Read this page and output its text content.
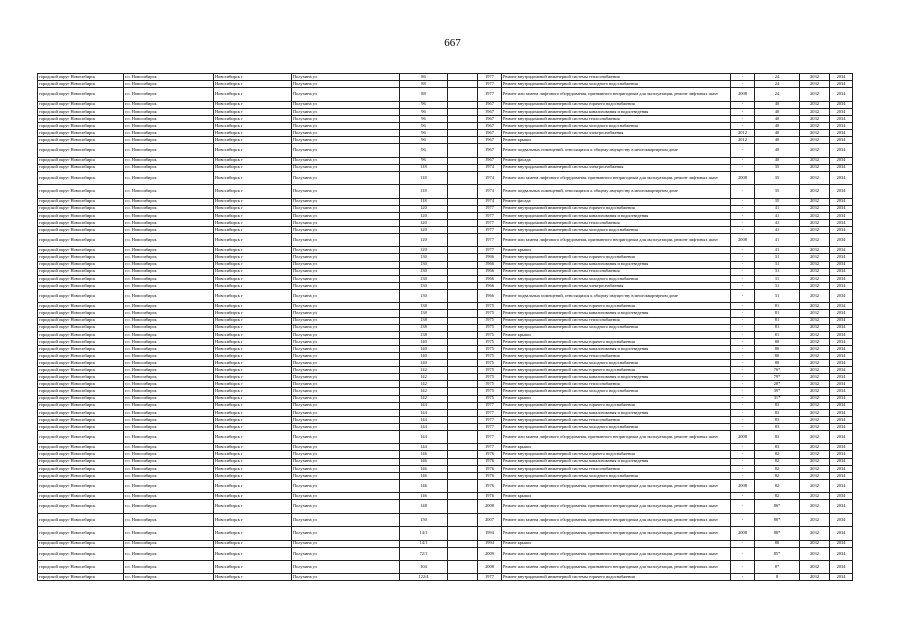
667
городской округ Новосибирск	г.о. Новосибирск	Новосибирск г	Полухина ул	86		1977	Ремонт внутридомовой инженерной системы теплоснабжения	-	24	2032	2034
городской округ Новосибирск	г.о. Новосибирск	Новосибирск г	Полухина ул	88		1977	Ремонт внутридомовой инженерной системы холодного водоснабжения	-	24	2032	2034
городской округ Новосибирск	г.о. Новосибирск	Новосибирск г	Полухина ул	88		1977	Ремонт или замена лифтового оборудования, признанного непригодным для эксплуатации, ремонт лифтовых шахт	2008	24	2032	2034
городской округ Новосибирск	г.о. Новосибирск	Новосибирск г	Полухина ул	96		1967	Ремонт внутридомовой инженерной системы горячего водоснабжения	-	40	2032	2034
городской округ Новосибирск	г.о. Новосибирск	Новосибирск г	Полухина ул	96		1967	Ремонт внутридомовой инженерной системы канализования и водоотведения	-	40	2032	2034
городской округ Новосибирск	г.о. Новосибирск	Новосибирск г	Полухина ул	96		1967	Ремонт внутридомовой инженерной системы теплоснабжения	-	40	2032	2034
городской округ Новосибирск	г.о. Новосибирск	Новосибирск г	Полухина ул	96		1967	Ремонт внутридомовой инженерной системы холодного водоснабжения	-	40	2032	2034
городской округ Новосибирск	г.о. Новосибирск	Новосибирск г	Полухина ул	96		1967	Ремонт внутридомовой инженерной системы электроснабжения	2012	40	2032	2034
городской округ Новосибирск	г.о. Новосибирск	Новосибирск г	Полухина ул	96		1967	Ремонт крыши	2012	40	2032	2034
городской округ Новосибирск	г.о. Новосибирск	Новосибирск г	Полухина ул	96		1967	Ремонт подвальных помещений, относящихся к общему имуществу в многоквартирном доме	-	40	2032	2034
городской округ Новосибирск	г.о. Новосибирск	Новосибирск г	Полухина ул	96		1967	Ремонт фасада	-	40	2032	2034
городской округ Новосибирск	г.о. Новосибирск	Новосибирск г	Полухина ул	118		1974	Ремонт внутридомовой инженерной системы электроснабжения	-	35	2032	2034
городской округ Новосибирск	г.о. Новосибирск	Новосибирск г	Полухина ул	118		1974	Ремонт или замена лифтового оборудования, признанного непригодным для эксплуатации, ремонт лифтовых шахт	2008	35	2032	2034
городской округ Новосибирск	г.о. Новосибирск	Новосибирск г	Полухина ул	118		1974	Ремонт подвальных помещений, относящихся к общему имуществу в многоквартирном доме	-	35	2032	2034
городской округ Новосибирск	г.о. Новосибирск	Новосибирск г	Полухина ул	118		1974	Ремонт фасада	-	35	2032	2034
городской округ Новосибирск	г.о. Новосибирск	Новосибирск г	Полухина ул	120		1977	Ремонт внутридомовой инженерной системы горячего водоснабжения	-	41	2032	2034
городской округ Новосибирск	г.о. Новосибирск	Новосибирск г	Полухина ул	120		1977	Ремонт внутридомовой инженерной системы канализования и водоотведения	-	41	2032	2034
городской округ Новосибирск	г.о. Новосибирск	Новосибирск г	Полухина ул	120		1977	Ремонт внутридомовой инженерной системы теплоснабжения	-	41	2032	2034
городской округ Новосибирск	г.о. Новосибирск	Новосибирск г	Полухина ул	120		1977	Ремонт внутридомовой инженерной системы холодного водоснабжения	-	41	2032	2034
городской округ Новосибирск	г.о. Новосибирск	Новосибирск г	Полухина ул	120		1977	Ремонт или замена лифтового оборудования, признанного непригодным для эксплуатации, ремонт лифтовых шахт	2008	41	2032	2034
городской округ Новосибирск	г.о. Новосибирск	Новосибирск г	Полухина ул	120		1977	Ремонт крыши	-	41	2032	2034
городской округ Новосибирск	г.о. Новосибирск	Новосибирск г	Полухина ул	130		1966	Ремонт внутридомовой инженерной системы горячего водоснабжения	-	31	2032	2034
городской округ Новосибирск	г.о. Новосибирск	Новосибирск г	Полухина ул	130		1966	Ремонт внутридомовой инженерной системы канализования и водоотведения	-	31	2032	2034
городской округ Новосибирск	г.о. Новосибирск	Новосибирск г	Полухина ул	130		1966	Ремонт внутридомовой инженерной системы теплоснабжения	-	31	2032	2034
городской округ Новосибирск	г.о. Новосибирск	Новосибирск г	Полухина ул	130		1966	Ремонт внутридомовой инженерной системы холодного водоснабжения	-	31	2032	2034
городской округ Новосибирск	г.о. Новосибирск	Новосибирск г	Полухина ул	130		1966	Ремонт внутридомовой инженерной системы электроснабжения	-	31	2032	2034
городской округ Новосибирск	г.о. Новосибирск	Новосибирск г	Полухина ул	130		1966	Ремонт подвальных помещений, относящихся к общему имуществу в многоквартирном доме	-	31	2032	2034
городской округ Новосибирск	г.о. Новосибирск	Новосибирск г	Полухина ул	138		1975	Ремонт внутридомовой инженерной системы горячего водоснабжения	-	81	2032	2034
городской округ Новосибирск	г.о. Новосибирск	Новосибирск г	Полухина ул	138		1975	Ремонт внутридомовой инженерной системы канализования и водоотведения	-	81	2032	2034
городской округ Новосибирск	г.о. Новосибирск	Новосибирск г	Полухина ул	138		1975	Ремонт внутридомовой инженерной системы теплоснабжения	-	81	2032	2034
городской округ Новосибирск	г.о. Новосибирск	Новосибирск г	Полухина ул	138		1975	Ремонт внутридомовой инженерной системы холодного водоснабжения	-	81	2032	2034
городской округ Новосибирск	г.о. Новосибирск	Новосибирск г	Полухина ул	138		1975	Ремонт крыши	-	81	2032	2034
городской округ Новосибирск	г.о. Новосибирск	Новосибирск г	Полухина ул	140		1975	Ремонт внутридомовой инженерной системы горячего водоснабжения	-	80	2032	2034
городской округ Новосибирск	г.о. Новосибирск	Новосибирск г	Полухина ул	140		1975	Ремонт внутридомовой инженерной системы канализования и водоотведения	-	80	2032	2034
городской округ Новосибирск	г.о. Новосибирск	Новосибирск г	Полухина ул	140		1975	Ремонт внутридомовой инженерной системы теплоснабжения	-	80	2032	2034
городской округ Новосибирск	г.о. Новосибирск	Новосибирск г	Полухина ул	140		1975	Ремонт внутридомовой инженерной системы холодного водоснабжения	-	80	2032	2034
городской округ Новосибирск	г.о. Новосибирск	Новосибирск г	Полухина ул	142		1975	Ремонт внутридомовой инженерной системы горячего водоснабжения	-	76*	2032	2034
городской округ Новосибирск	г.о. Новосибирск	Новосибирск г	Полухина ул	142		1975	Ремонт внутридомовой инженерной системы канализования и водоотведения	-	79*	2032	2034
городской округ Новосибирск	г.о. Новосибирск	Новосибирск г	Полухина ул	142		1975	Ремонт внутридомовой инженерной системы теплоснабжения	-	28*	2032	2034
городской округ Новосибирск	г.о. Новосибирск	Новосибирск г	Полухина ул	142		1975	Ремонт внутридомовой инженерной системы холодного водоснабжения	-	39*	2032	2034
городской округ Новосибирск	г.о. Новосибирск	Новосибирск г	Полухина ул	142		1975	Ремонт крыши	-	31*	2032	2034
городской округ Новосибирск	г.о. Новосибирск	Новосибирск г	Полухина ул	144		1977	Ремонт внутридомовой инженерной системы горячего водоснабжения	-	83	2032	2034
городской округ Новосибирск	г.о. Новосибирск	Новосибирск г	Полухина ул	144		1977	Ремонт внутридомовой инженерной системы канализования и водоотведения	-	83	2032	2034
городской округ Новосибирск	г.о. Новосибирск	Новосибирск г	Полухина ул	144		1977	Ремонт внутридомовой инженерной системы теплоснабжения	-	83	2032	2034
городской округ Новосибирск	г.о. Новосибирск	Новосибирск г	Полухина ул	144		1977	Ремонт внутридомовой инженерной системы холодного водоснабжения	-	83	2032	2034
городской округ Новосибирск	г.о. Новосибирск	Новосибирск г	Полухина ул	144		1977	Ремонт или замена лифтового оборудования, признанного непригодным для эксплуатации, ремонт лифтовых шахт	2008	83	2032	2034
городской округ Новосибирск	г.о. Новосибирск	Новосибирск г	Полухина ул	144		1977	Ремонт крыши	-	83	2032	2034
городской округ Новосибирск	г.о. Новосибирск	Новосибирск г	Полухина ул	146		1976	Ремонт внутридомовой инженерной системы горячего водоснабжения	-	82	2032	2034
городской округ Новосибирск	г.о. Новосибирск	Новосибирск г	Полухина ул	146		1976	Ремонт внутридомовой инженерной системы канализования и водоотведения	-	82	2032	2034
городской округ Новосибирск	г.о. Новосибирск	Новосибирск г	Полухина ул	146		1976	Ремонт внутридомовой инженерной системы теплоснабжения	-	82	2032	2034
городской округ Новосибирск	г.о. Новосибирск	Новосибирск г	Полухина ул	146		1976	Ремонт внутридомовой инженерной системы холодного водоснабжения	-	82	2032	2034
городской округ Новосибирск	г.о. Новосибирск	Новосибирск г	Полухина ул	146		1976	Ремонт или замена лифтового оборудования, признанного непригодным для эксплуатации, ремонт лифтовых шахт	2008	82	2032	2034
городской округ Новосибирск	г.о. Новосибирск	Новосибирск г	Полухина ул	146		1976	Ремонт крыши	-	82	2032	2034
городской округ Новосибирск	г.о. Новосибирск	Новосибирск г	Полухина ул	148		2008	Ремонт или замена лифтового оборудования, признанного непригодным для эксплуатации, ремонт лифтовых шахт	-	86*	2032	2034
городской округ Новосибирск	г.о. Новосибирск	Новосибирск г	Полухина ул	150		2007	Ремонт или замена лифтового оборудования, признанного непригодным для эксплуатации, ремонт лифтовых шахт	-	88*	2032	2034
городской округ Новосибирск	г.о. Новосибирск	Новосибирск г	Полухина ул	14/1		1994	Ремонт или замена лифтового оборудования, признанного непригодным для эксплуатации, ремонт лифтовых шахт	2008	88*	2032	2034
городской округ Новосибирск	г.о. Новосибирск	Новосибирск г	Полухина ул	14/1		1994	Ремонт крыши	-	80	2032	2034
городской округ Новосибирск	г.о. Новосибирск	Новосибирск г	Полухина ул	72/1		2009	Ремонт или замена лифтового оборудования, признанного непригодным для эксплуатации, ремонт лифтовых шахт	-	85*	2032	2034
городской округ Новосибирск	г.о. Новосибирск	Новосибирск г	Полухина ул	104		2008	Ремонт или замена лифтового оборудования, признанного непригодным для эксплуатации, ремонт лифтовых шахт	-	8*	2032	2034
городской округ Новосибирск	г.о. Новосибирск	Новосибирск г	Полухина ул	122/4		1977	Ремонт внутридомовой инженерной системы горячего водоснабжения	-	8	2032	2034
